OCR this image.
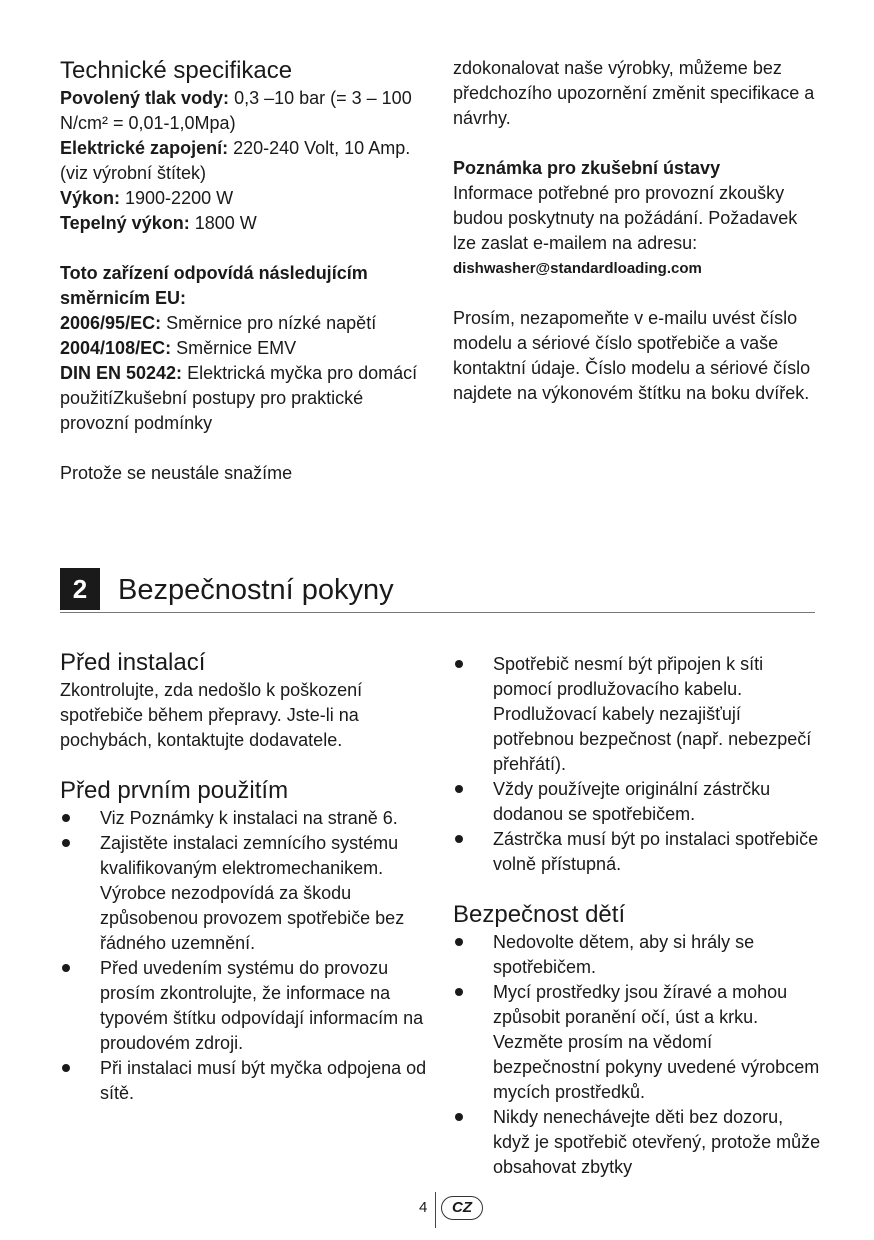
Technické specifikace

Povolený tlak vody: 0,3 –10 bar (= 3 – 100 N/cm² = 0,01-1,0Mpa)

Elektrické zapojení: 220-240 Volt, 10 Amp. (viz výrobní štítek)

Výkon: 1900-2200 W

Tepelný výkon: 1800 W

Toto zařízení odpovídá následujícím směrnicím EU:

2006/95/EC: Směrnice pro nízké napětí

2004/108/EC: Směrnice EMV

DIN EN 50242: Elektrická myčka pro domácí použitíZkušební postupy pro praktické provozní podmínky

Protože se neustále snažíme

zdokonalovat naše výrobky, můžeme bez předchozího upozornění změnit specifikace a návrhy.

Poznámka pro zkušební ústavy

Informace potřebné pro provozní zkoušky budou poskytnuty na požádání. Požadavek lze zaslat e-mailem na adresu:

dishwasher@standardloading.com

Prosím, nezapomeňte v e-mailu uvést číslo modelu a sériové číslo spotřebiče a vaše kontaktní údaje. Číslo modelu a sériové číslo najdete na výkonovém štítku na boku dvířek.

2	Bezpečnostní pokyny
Před instalací

Zkontrolujte, zda nedošlo k poškození spotřebiče během přepravy. Jste-li na pochybách, kontaktujte dodavatele.

Před prvním použitím
Viz Poznámky k instalaci na straně 6.
Zajistěte instalaci zemnícího systému kvalifikovaným elektromechanikem. Výrobce nezodpovídá za škodu způsobenou provozem spotřebiče bez řádného uzemnění.
Před uvedením systému do provozu prosím zkontrolujte, že informace na typovém štítku odpovídají informacím na proudovém zdroji.
Při instalaci musí být myčka odpojena od sítě.
Spotřebič nesmí být připojen k síti pomocí prodlužovacího kabelu. Prodlužovací kabely nezajišťují potřebnou bezpečnost (např. nebezpečí přehřátí).
Vždy používejte originální zástrčku dodanou se spotřebičem.
Zástrčka musí být po instalaci spotřebiče volně přístupná.
Bezpečnost dětí
Nedovolte dětem, aby si hrály se spotřebičem.
Mycí prostředky jsou žíravé a mohou způsobit poranění očí, úst a krku. Vezměte prosím na vědomí bezpečnostní pokyny uvedené výrobcem mycích prostředků.
Nikdy nenechávejte děti bez dozoru, když je spotřebič otevřený, protože může obsahovat zbytky
4	CZ
